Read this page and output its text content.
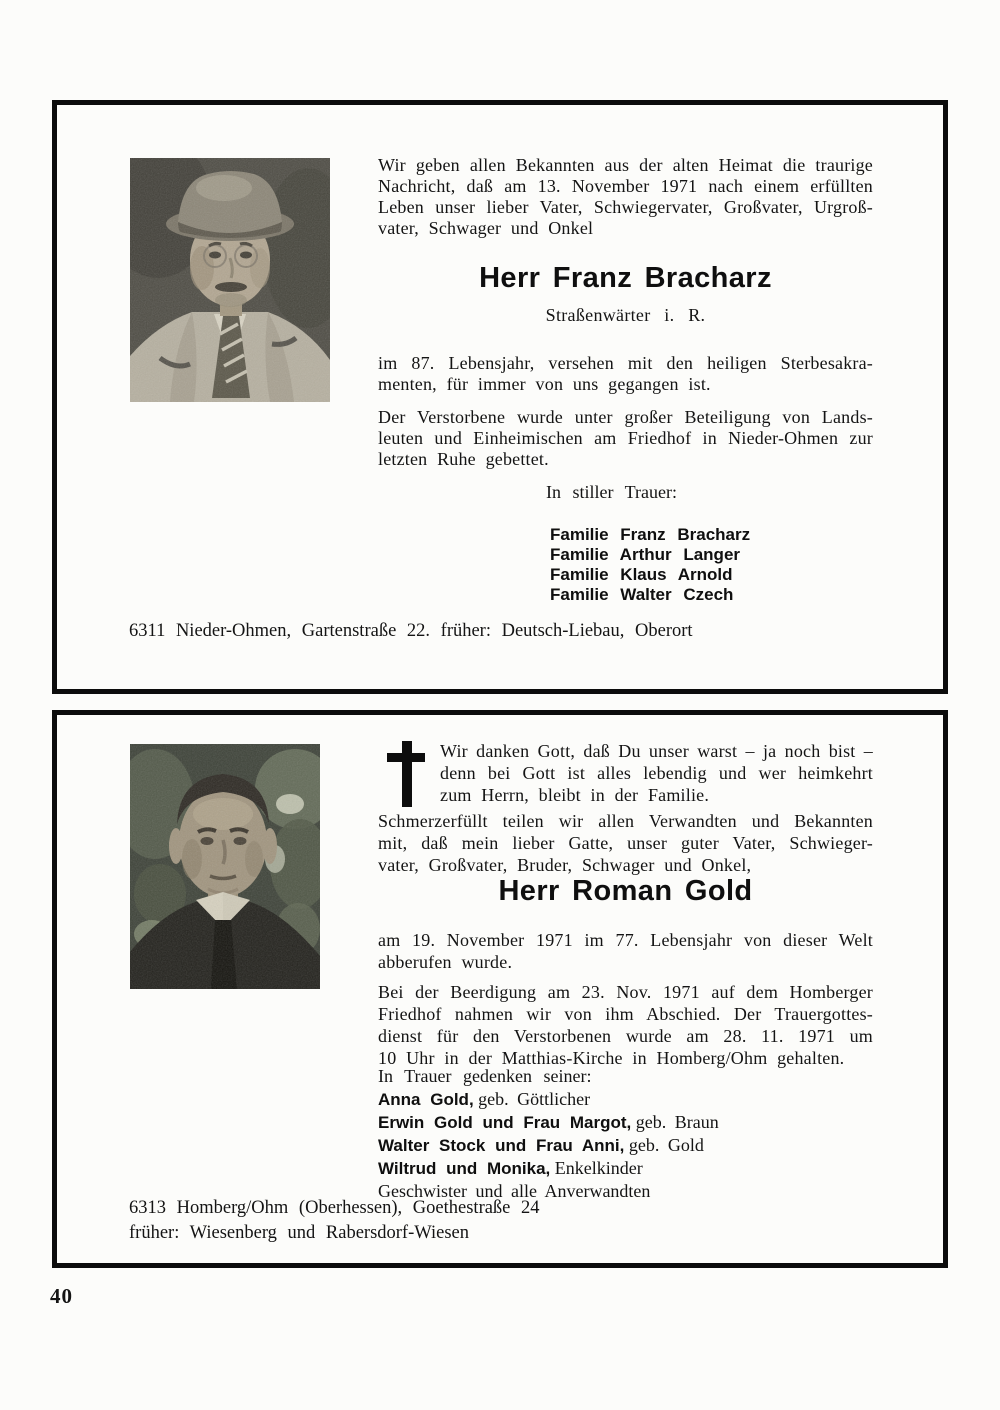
Wir geben allen Bekannten aus der alten Heimat die traurige
Nachricht, daß am 13. November 1971 nach einem erfüllten
Leben unser lieber Vater, Schwiegervater, Großvater, Urgroß-
vater, Schwager und Onkel
Herr Franz Bracharz
Straßenwärter i. R.
im 87. Lebensjahr, versehen mit den heiligen Sterbesakra-
menten, für immer von uns gegangen ist.
Der Verstorbene wurde unter großer Beteiligung von Lands-
leuten und Einheimischen am Friedhof in Nieder-Ohmen zur
letzten Ruhe gebettet.
In stiller Trauer:
Familie Franz Bracharz
Familie Arthur Langer
Familie Klaus Arnold
Familie Walter Czech
6311 Nieder-Ohmen, Gartenstraße 22. früher: Deutsch-Liebau, Oberort
Wir danken Gott, daß Du unser warst – ja noch bist –
denn bei Gott ist alles lebendig und wer heimkehrt
zum Herrn, bleibt in der Familie.
Schmerzerfüllt teilen wir allen Verwandten und Bekannten
mit, daß mein lieber Gatte, unser guter Vater, Schwieger-
vater, Großvater, Bruder, Schwager und Onkel,
Herr Roman Gold
am 19. November 1971 im 77. Lebensjahr von dieser Welt
abberufen wurde.
Bei der Beerdigung am 23. Nov. 1971 auf dem Homberger
Friedhof nahmen wir von ihm Abschied. Der Trauergottes-
dienst für den Verstorbenen wurde am 28. 11. 1971 um
10 Uhr in der Matthias-Kirche in Homberg/Ohm gehalten.
In Trauer gedenken seiner:
Anna Gold, geb. Göttlicher
Erwin Gold und Frau Margot, geb. Braun
Walter Stock und Frau Anni, geb. Gold
Wiltrud und Monika, Enkelkinder
Geschwister und alle Anverwandten
6313 Homberg/Ohm (Oberhessen), Goethestraße 24
früher: Wiesenberg und Rabersdorf-Wiesen
40
